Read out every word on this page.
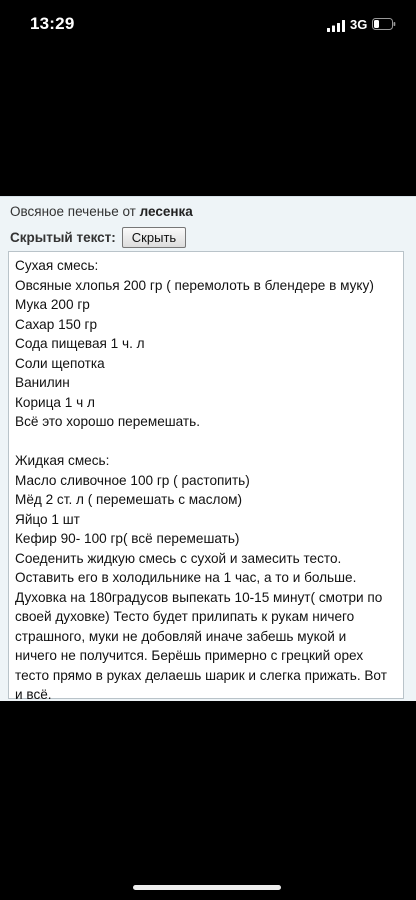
13:29	3G
Овсяное печенье от лесенка
Скрытый текст:	Скрыть
Сухая смесь:
Овсяные хлопья 200 гр ( перемолоть в блендере в муку)
Мука 200 гр
Сахар 150 гр
Сода пищевая 1 ч. л
Соли щепотка
Ванилин
Корица 1 ч л
Всё это хорошо перемешать.
Жидкая смесь:
Масло сливочное 100 гр ( растопить)
Мёд 2 ст. л ( перемешать с маслом)
Яйцо 1 шт
Кефир 90- 100 гр( всё перемешать)
Соеденить жидкую смесь с сухой и замесить тесто.
Оставить его в холодильнике на 1 час, а то и больше.
Духовка на 180градусов выпекать 10-15 минут( смотри по
своей духовке) Тесто будет прилипать к рукам ничего
страшного, муки не добовляй иначе забешь мукой и
ничего не получится. Берёшь примерно с грецкий орех
тесто прямо в руках делаешь шарик и слегка прижать. Вот
и всё.
